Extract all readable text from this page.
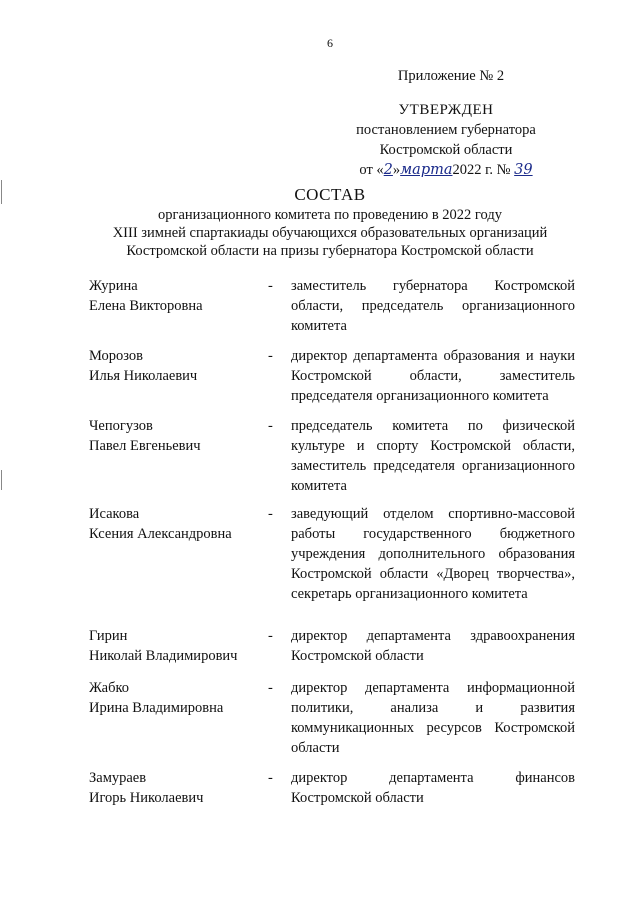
6
Приложение № 2
УТВЕРЖДЕН
постановлением губернатора
Костромской области
от «2»марта2022 г. № 39
СОСТАВ
организационного комитета по проведению в 2022 году
XIII зимней спартакиады обучающихся образовательных организаций
Костромской области на призы губернатора Костромской области
Журина
Елена Викторовна
- заместитель губернатора Костромской области, председатель организационного комитета
Морозов
Илья Николаевич
- директор департамента образования и науки Костромской области, заместитель председателя организационного комитета
Чепогузов
Павел Евгеньевич
- председатель комитета по физической культуре и спорту Костромской области, заместитель председателя организационного комитета
Исакова
Ксения Александровна
- заведующий отделом спортивно-массовой работы государственного бюджетного учреждения дополнительного образования Костромской области «Дворец творчества», секретарь организационного комитета
Гирин
Николай Владимирович
- директор департамента здравоохранения Костромской области
Жабко
Ирина Владимировна
- директор департамента информационной политики, анализа и развития коммуникационных ресурсов Костромской области
Замураев
Игорь Николаевич
- директор департамента финансов Костромской области
